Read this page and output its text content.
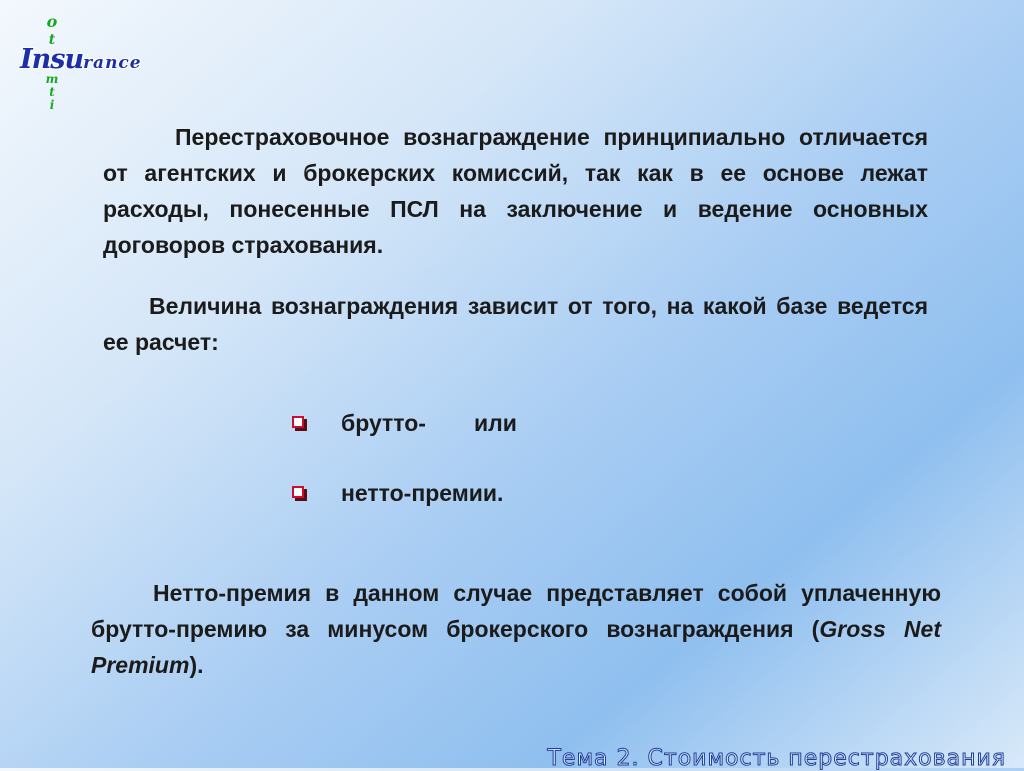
o
t
m
t
i
Insurance
Перестраховочное вознаграждение принципиально отличается от агентских и брокерских комиссий, так как в ее основе лежат расходы, понесенные ПСЛ на заключение и ведение основных договоров страхования.
Величина вознаграждения зависит от того, на какой базе ведется ее расчет:
брутто- или
нетто-премии.
Нетто-премия в данном случае представляет собой уплаченную брутто-премию за минусом брокерского вознаграждения (Gross Net Premium).
Тема 2. Стоимость перестрахования
